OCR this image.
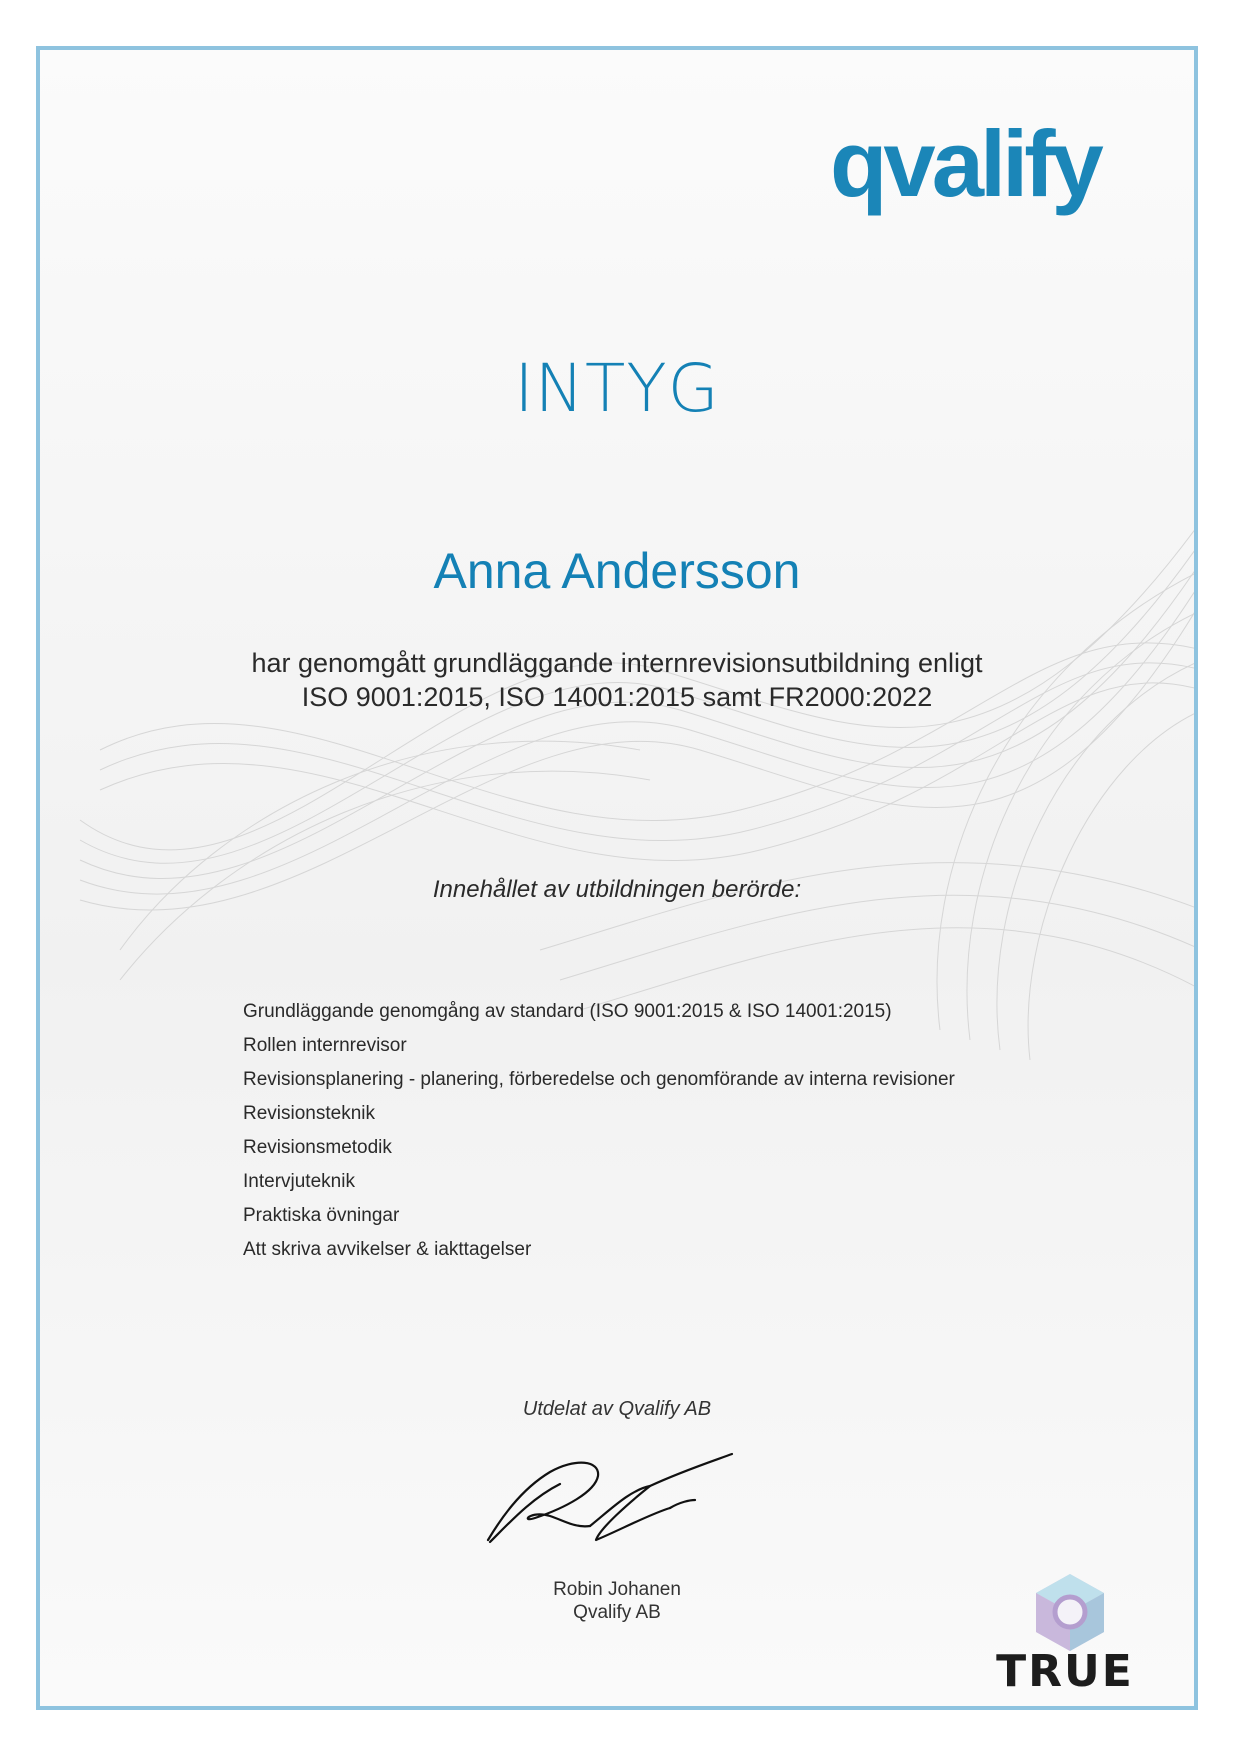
qvalify
INTYG
Anna Andersson
har genomgått grundläggande internrevisionsutbildning enligt
ISO 9001:2015, ISO 14001:2015 samt FR2000:2022
Innehållet av utbildningen berörde:
Grundläggande genomgång av standard (ISO 9001:2015 & ISO 14001:2015)
Rollen internrevisor
Revisionsplanering - planering, förberedelse och genomförande av interna revisioner
Revisionsteknik
Revisionsmetodik
Intervjuteknik
Praktiska övningar
Att skriva avvikelser & iakttagelser
Utdelat av Qvalify AB
Robin Johanen
Qvalify AB
TRUE
